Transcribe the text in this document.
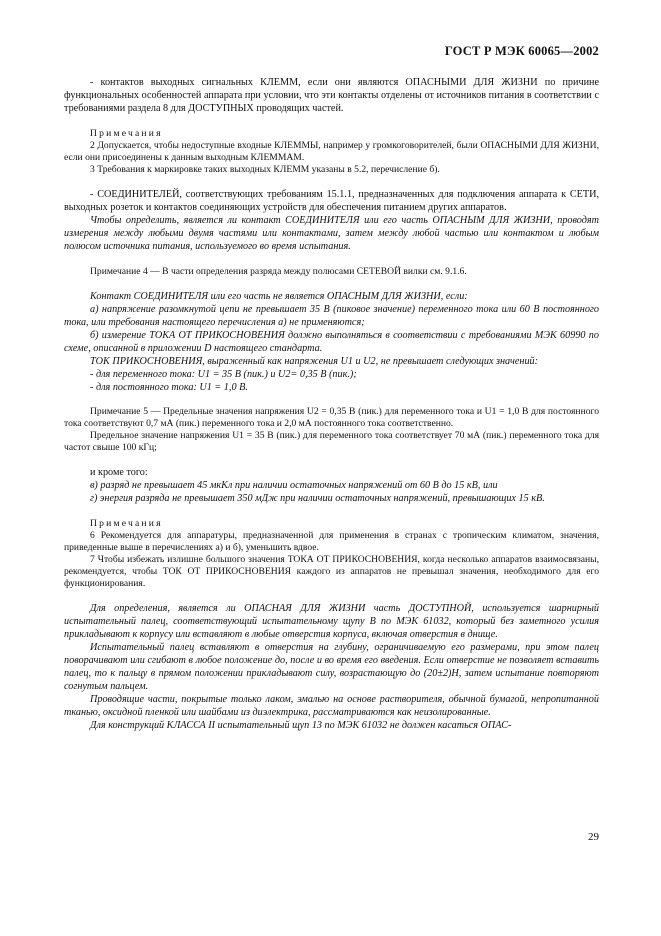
ГОСТ Р МЭК 60065—2002

- контактов выходных сигнальных КЛЕММ, если они являются ОПАСНЫМИ ДЛЯ ЖИЗНИ по причине функциональных особенностей аппарата при условии, что эти контакты отделены от источников питания в соответствии с требованиями раздела 8 для ДОСТУПНЫХ проводящих частей.

Примечания

2 Допускается, чтобы недоступные входные КЛЕММЫ, например у громкоговорителей, были ОПАСНЫМИ ДЛЯ ЖИЗНИ, если они присоединены к данным выходным КЛЕММАМ.

3 Требования к маркировке таких выходных КЛЕММ указаны в 5.2, перечисление б).

- СОЕДИНИТЕЛЕЙ, соответствующих требованиям 15.1.1, предназначенных для подключения аппарата к СЕТИ, выходных розеток и контактов соединяющих устройств для обеспечения питанием других аппаратов.

Чтобы определить, является ли контакт СОЕДИНИТЕЛЯ или его часть ОПАСНЫМ ДЛЯ ЖИЗНИ, проводят измерения между любыми двумя частями или контактами, затем между любой частью или контактом и любым полюсом источника питания, используемого во время испытания.

Примечание 4 — В части определения разряда между полюсами СЕТЕВОЙ вилки см. 9.1.6.

Контакт СОЕДИНИТЕЛЯ или его часть не является ОПАСНЫМ ДЛЯ ЖИЗНИ, если:

а) напряжение разомкнутой цепи не превышает 35 В (пиковое значение) переменного тока или 60 В постоянного тока, или требования настоящего перечисления а) не применяются;

б) измерение ТОКА ОТ ПРИКОСНОВЕНИЯ должно выполняться в соответствии с требованиями МЭК 60990 по схеме, описанной в приложении D настоящего стандарта.

ТОК ПРИКОСНОВЕНИЯ, выраженный как напряжения U1 и U2, не превышает следующих значений:

- для переменного тока: U1 = 35 В (пик.) и U2= 0,35 В (пик.);

- для постоянного тока: U1 = 1,0 В.

Примечание 5 — Предельные значения напряжения U2 = 0,35 В (пик.) для переменного тока и U1 = 1,0 В для постоянного тока соответствуют 0,7 мА (пик.) переменного тока и 2,0 мА постоянного тока соответственно.

Предельное значение напряжения U1 = 35 В (пик.) для переменного тока соответствует 70 мА (пик.) переменного тока для частот свыше 100 кГц;

и кроме того:

в) разряд не превышает 45 мкКл при наличии остаточных напряжений от 60 В до 15 кВ, или

г) энергия разряда не превышает 350 мДж при наличии остаточных напряжений, превышающих 15 кВ.

Примечания

6 Рекомендуется для аппаратуры, предназначенной для применения в странах с тропическим климатом, значения, приведенные выше в перечислениях а) и б), уменьшить вдвое.

7 Чтобы избежать излишне большого значения ТОКА ОТ ПРИКОСНОВЕНИЯ, когда несколько аппаратов взаимосвязаны, рекомендуется, чтобы ТОК ОТ ПРИКОСНОВЕНИЯ каждого из аппаратов не превышал значения, необходимого для его функционирования.

Для определения, является ли ОПАСНАЯ ДЛЯ ЖИЗНИ часть ДОСТУПНОЙ, используется шарнирный испытательный палец, соответствующий испытательному щупу B по МЭК 61032, который без заметного усилия прикладывают к корпусу или вставляют в любые отверстия корпуса, включая отверстия в днище.

Испытательный палец вставляют в отверстия на глубину, ограничиваемую его размерами, при этом палец поворачивают или сгибают в любое положение до, после и во время его введения. Если отверстие не позволяет вставить палец, то к пальцу в прямом положении прикладывают силу, возрастающую до (20±2)Н, затем испытание повторяют согнутым пальцем.

Проводящие части, покрытые только лаком, эмалью на основе растворителя, обычной бумагой, непропитанной тканью, оксидной пленкой или шайбами из диэлектрика, рассматриваются как неизолированные.

Для конструкций КЛАССА II испытательный щуп 13 по МЭК 61032 не должен касаться ОПАС-

29
